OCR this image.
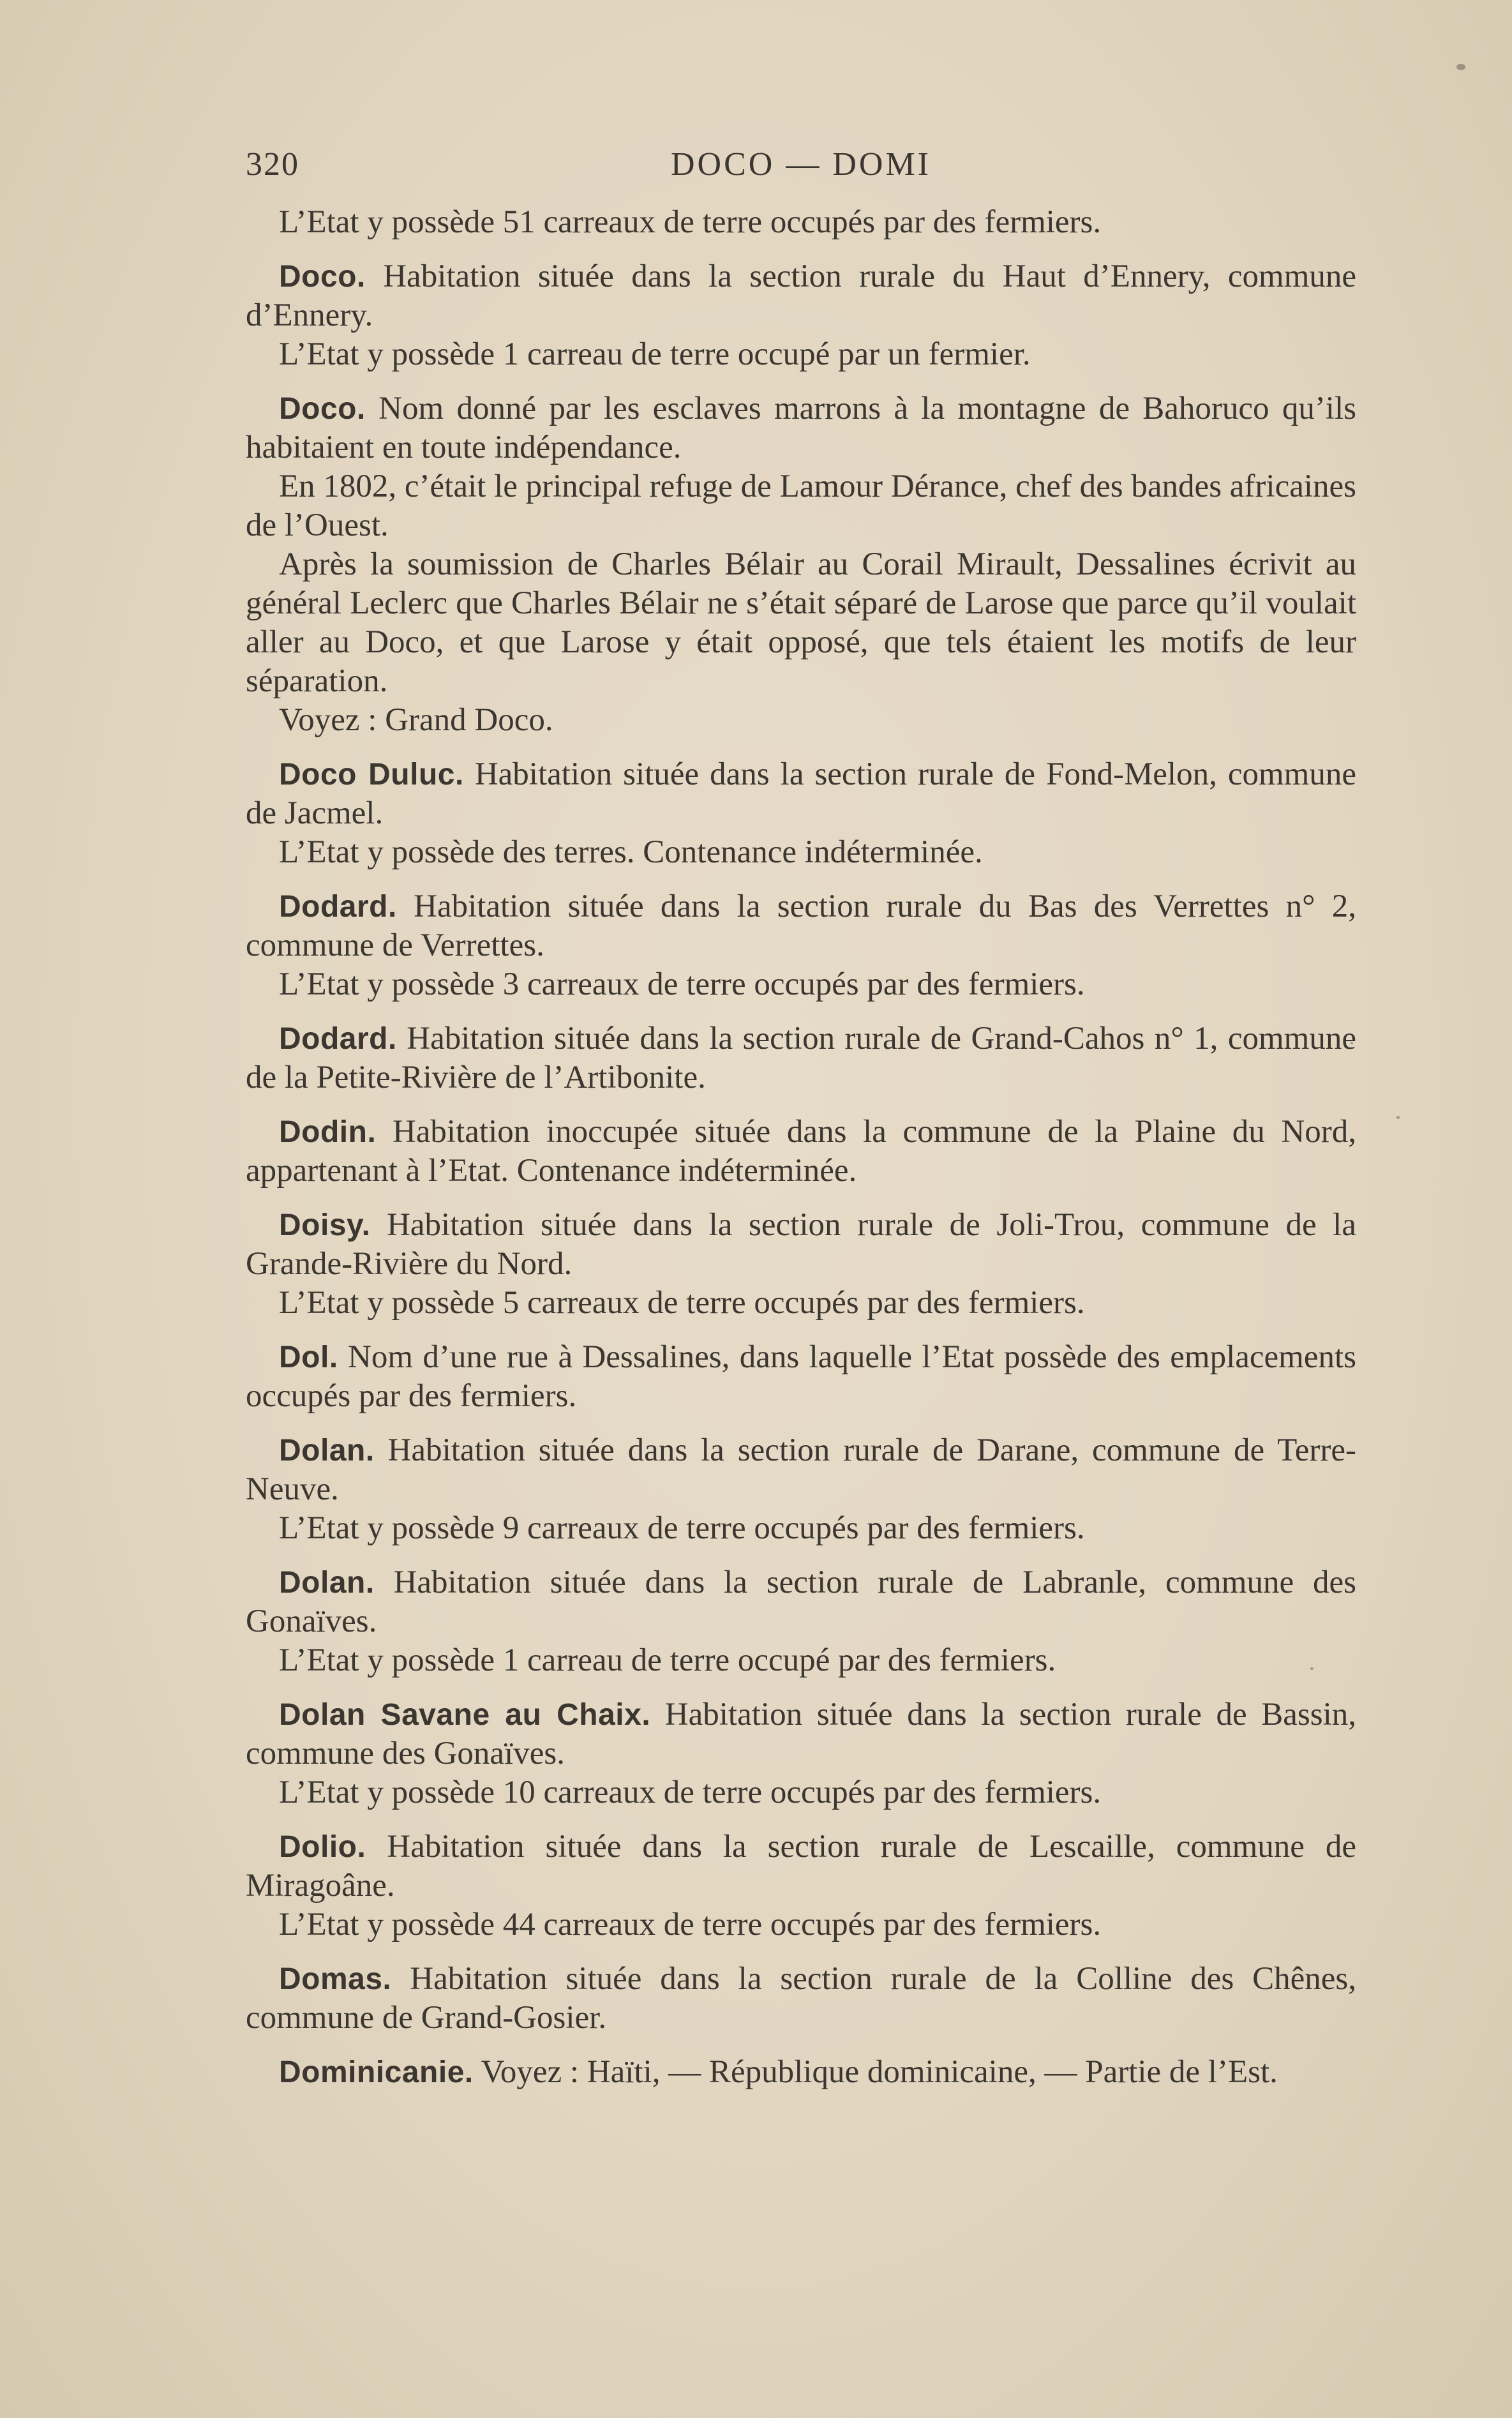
320	DOCO — DOMI

L’Etat y possède 51 carreaux de terre occupés par des fermiers.

Doco. Habitation située dans la section rurale du Haut d’Ennery, commune d’Ennery.

L’Etat y possède 1 carreau de terre occupé par un fermier.

Doco. Nom donné par les esclaves marrons à la montagne de Bahoruco qu’ils habitaient en toute indépendance.

En 1802, c’était le principal refuge de Lamour Dérance, chef des bandes africaines de l’Ouest.

Après la soumission de Charles Bélair au Corail Mirault, Dessalines écrivit au général Leclerc que Charles Bélair ne s’était séparé de Larose que parce qu’il voulait aller au Doco, et que Larose y était opposé, que tels étaient les motifs de leur séparation.

Voyez : Grand Doco.

Doco Duluc. Habitation située dans la section rurale de Fond-Melon, commune de Jacmel.

L’Etat y possède des terres. Contenance indéterminée.

Dodard. Habitation située dans la section rurale du Bas des Verrettes n° 2, commune de Verrettes.

L’Etat y possède 3 carreaux de terre occupés par des fermiers.

Dodard. Habitation située dans la section rurale de Grand-Cahos n° 1, commune de la Petite-Rivière de l’Artibonite.

Dodin. Habitation inoccupée située dans la commune de la Plaine du Nord, appartenant à l’Etat. Contenance indéterminée.

Doisy. Habitation située dans la section rurale de Joli-Trou, commune de la Grande-Rivière du Nord.

L’Etat y possède 5 carreaux de terre occupés par des fermiers.

Dol. Nom d’une rue à Dessalines, dans laquelle l’Etat possède des emplacements occupés par des fermiers.

Dolan. Habitation située dans la section rurale de Darane, commune de Terre-Neuve.

L’Etat y possède 9 carreaux de terre occupés par des fermiers.

Dolan. Habitation située dans la section rurale de Labranle, commune des Gonaïves.

L’Etat y possède 1 carreau de terre occupé par des fermiers.

Dolan Savane au Chaix. Habitation située dans la section rurale de Bassin, commune des Gonaïves.

L’Etat y possède 10 carreaux de terre occupés par des fermiers.

Dolio. Habitation située dans la section rurale de Lescaille, commune de Miragoâne.

L’Etat y possède 44 carreaux de terre occupés par des fermiers.

Domas. Habitation située dans la section rurale de la Colline des Chênes, commune de Grand-Gosier.

Dominicanie. Voyez : Haïti, — République dominicaine, — Partie de l’Est.
